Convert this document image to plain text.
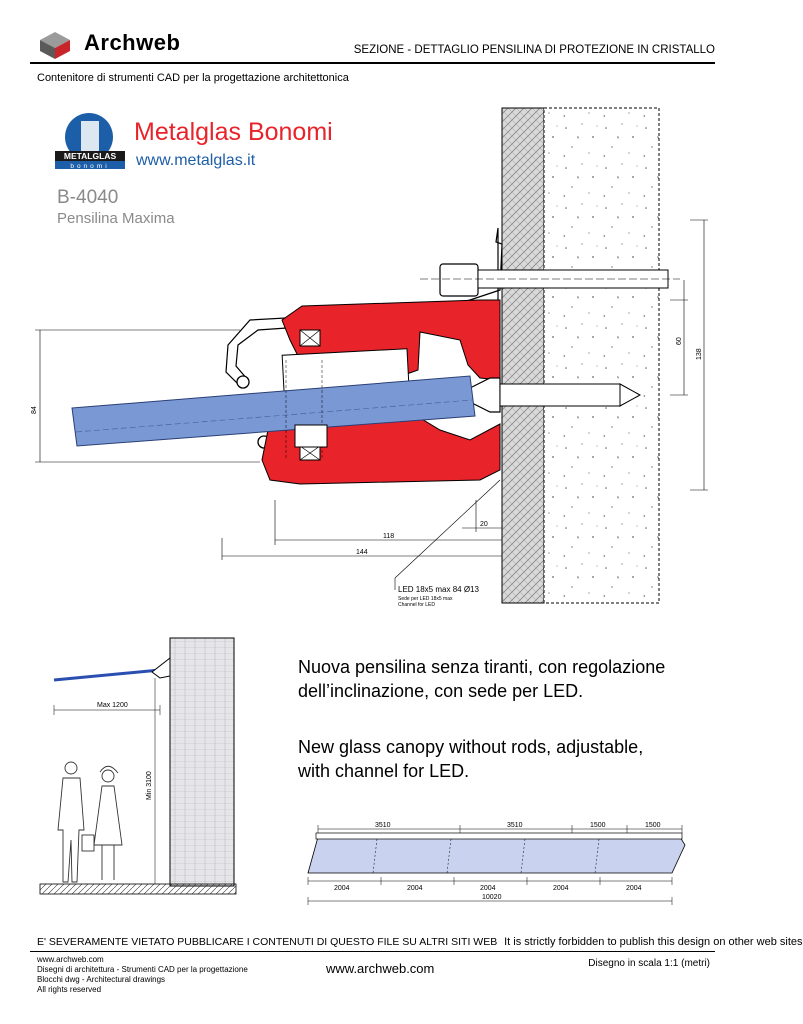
Archweb	SEZIONE - DETTAGLIO PENSILINA DI PROTEZIONE IN CRISTALLO
Contenitore di strumenti CAD per la progettazione architettonica
METALGLAS
bonomi
Metalglas Bonomi
www.metalglas.it
B-4040
Pensilina Maxima
84
60
138
20
118
144
LED 18x5 max 84 Ø13
Sede per LED 18x5 max
Channel for LED
Max 1200
Min 3100
Nuova pensilina senza tiranti, con regolazione
dell’inclinazione, con sede per LED.
New glass canopy without rods, adjustable,
with channel for LED.
3510	3510	1500	1500
2004	2004	2004	2004	2004
10020
E' SEVERAMENTE VIETATO PUBBLICARE I CONTENUTI DI QUESTO FILE SU ALTRI SITI WEB It is strictly forbidden to publish this design on other web sites
www.archweb.com
Disegni di architettura - Strumenti CAD per la progettazione
Blocchi dwg - Architectural drawings
All rights reserved
www.archweb.com	Disegno in scala 1:1 (metri)
